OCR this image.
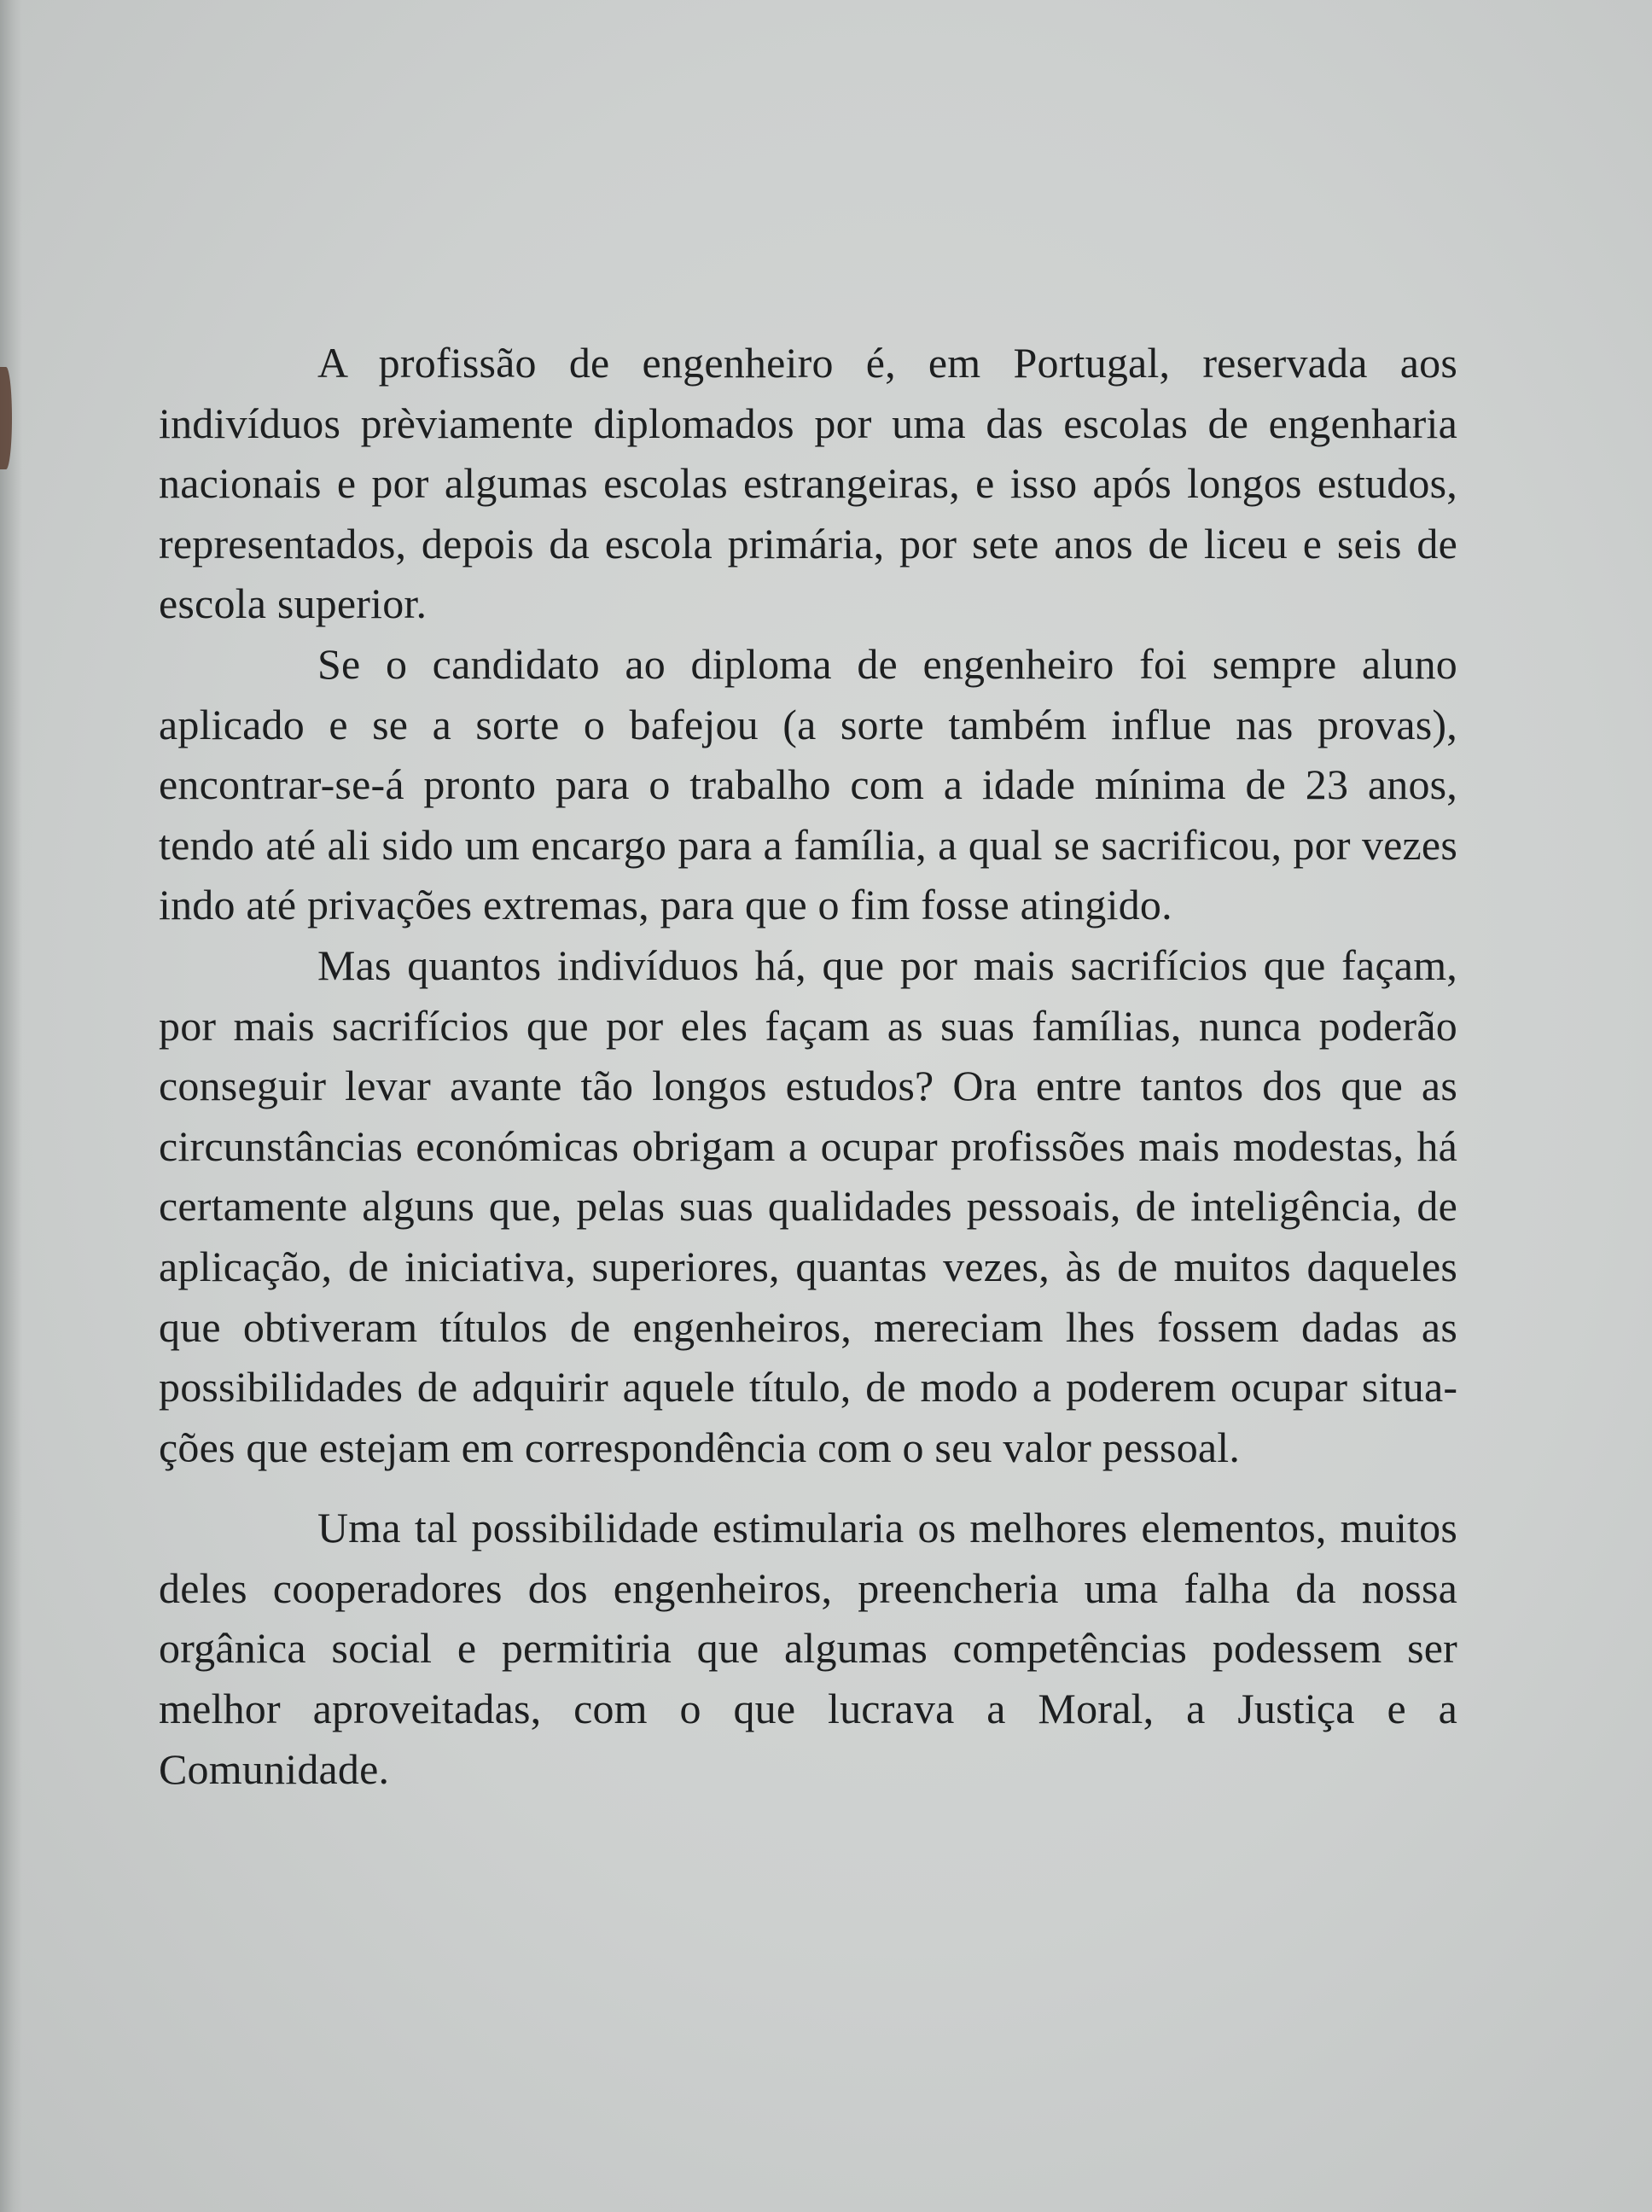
A profissão de engenheiro é, em Portugal, reservada aos indivíduos prèviamente diplomados por uma das escolas de engenharia nacionais e por algumas escolas estrangeiras, e isso após longos estudos, representados, depois da escola primária, por sete anos de liceu e seis de escola superior.

Se o candidato ao diploma de engenheiro foi sempre aluno aplicado e se a sorte o bafejou (a sorte também influe nas provas), encontrar-se-á pronto para o trabalho com a idade mínima de 23 anos, tendo até ali sido um encargo para a família, a qual se sacrificou, por vezes indo até privações extremas, para que o fim fosse atingido.

Mas quantos indivíduos há, que por mais sacrifícios que façam, por mais sacrifícios que por eles façam as suas famílias, nunca poderão conseguir levar avante tão longos estudos? Ora entre tantos dos que as circunstâncias económicas obrigam a ocupar profissões mais modestas, há certamente alguns que, pelas suas qualidades pessoais, de inteligência, de aplicação, de iniciativa, superiores, quantas vezes, às de muitos daqueles que obtiveram títulos de engenheiros, mereciam lhes fossem dadas as possibilidades de adquirir aquele título, de modo a poderem ocupar situações que estejam em correspondência com o seu valor pessoal.

Uma tal possibilidade estimularia os melhores elementos, muitos deles cooperadores dos engenheiros, preencheria uma falha da nossa orgânica social e permitiria que algumas competências podessem ser melhor aproveitadas, com o que lucrava a Moral, a Justiça e a Comunidade.
